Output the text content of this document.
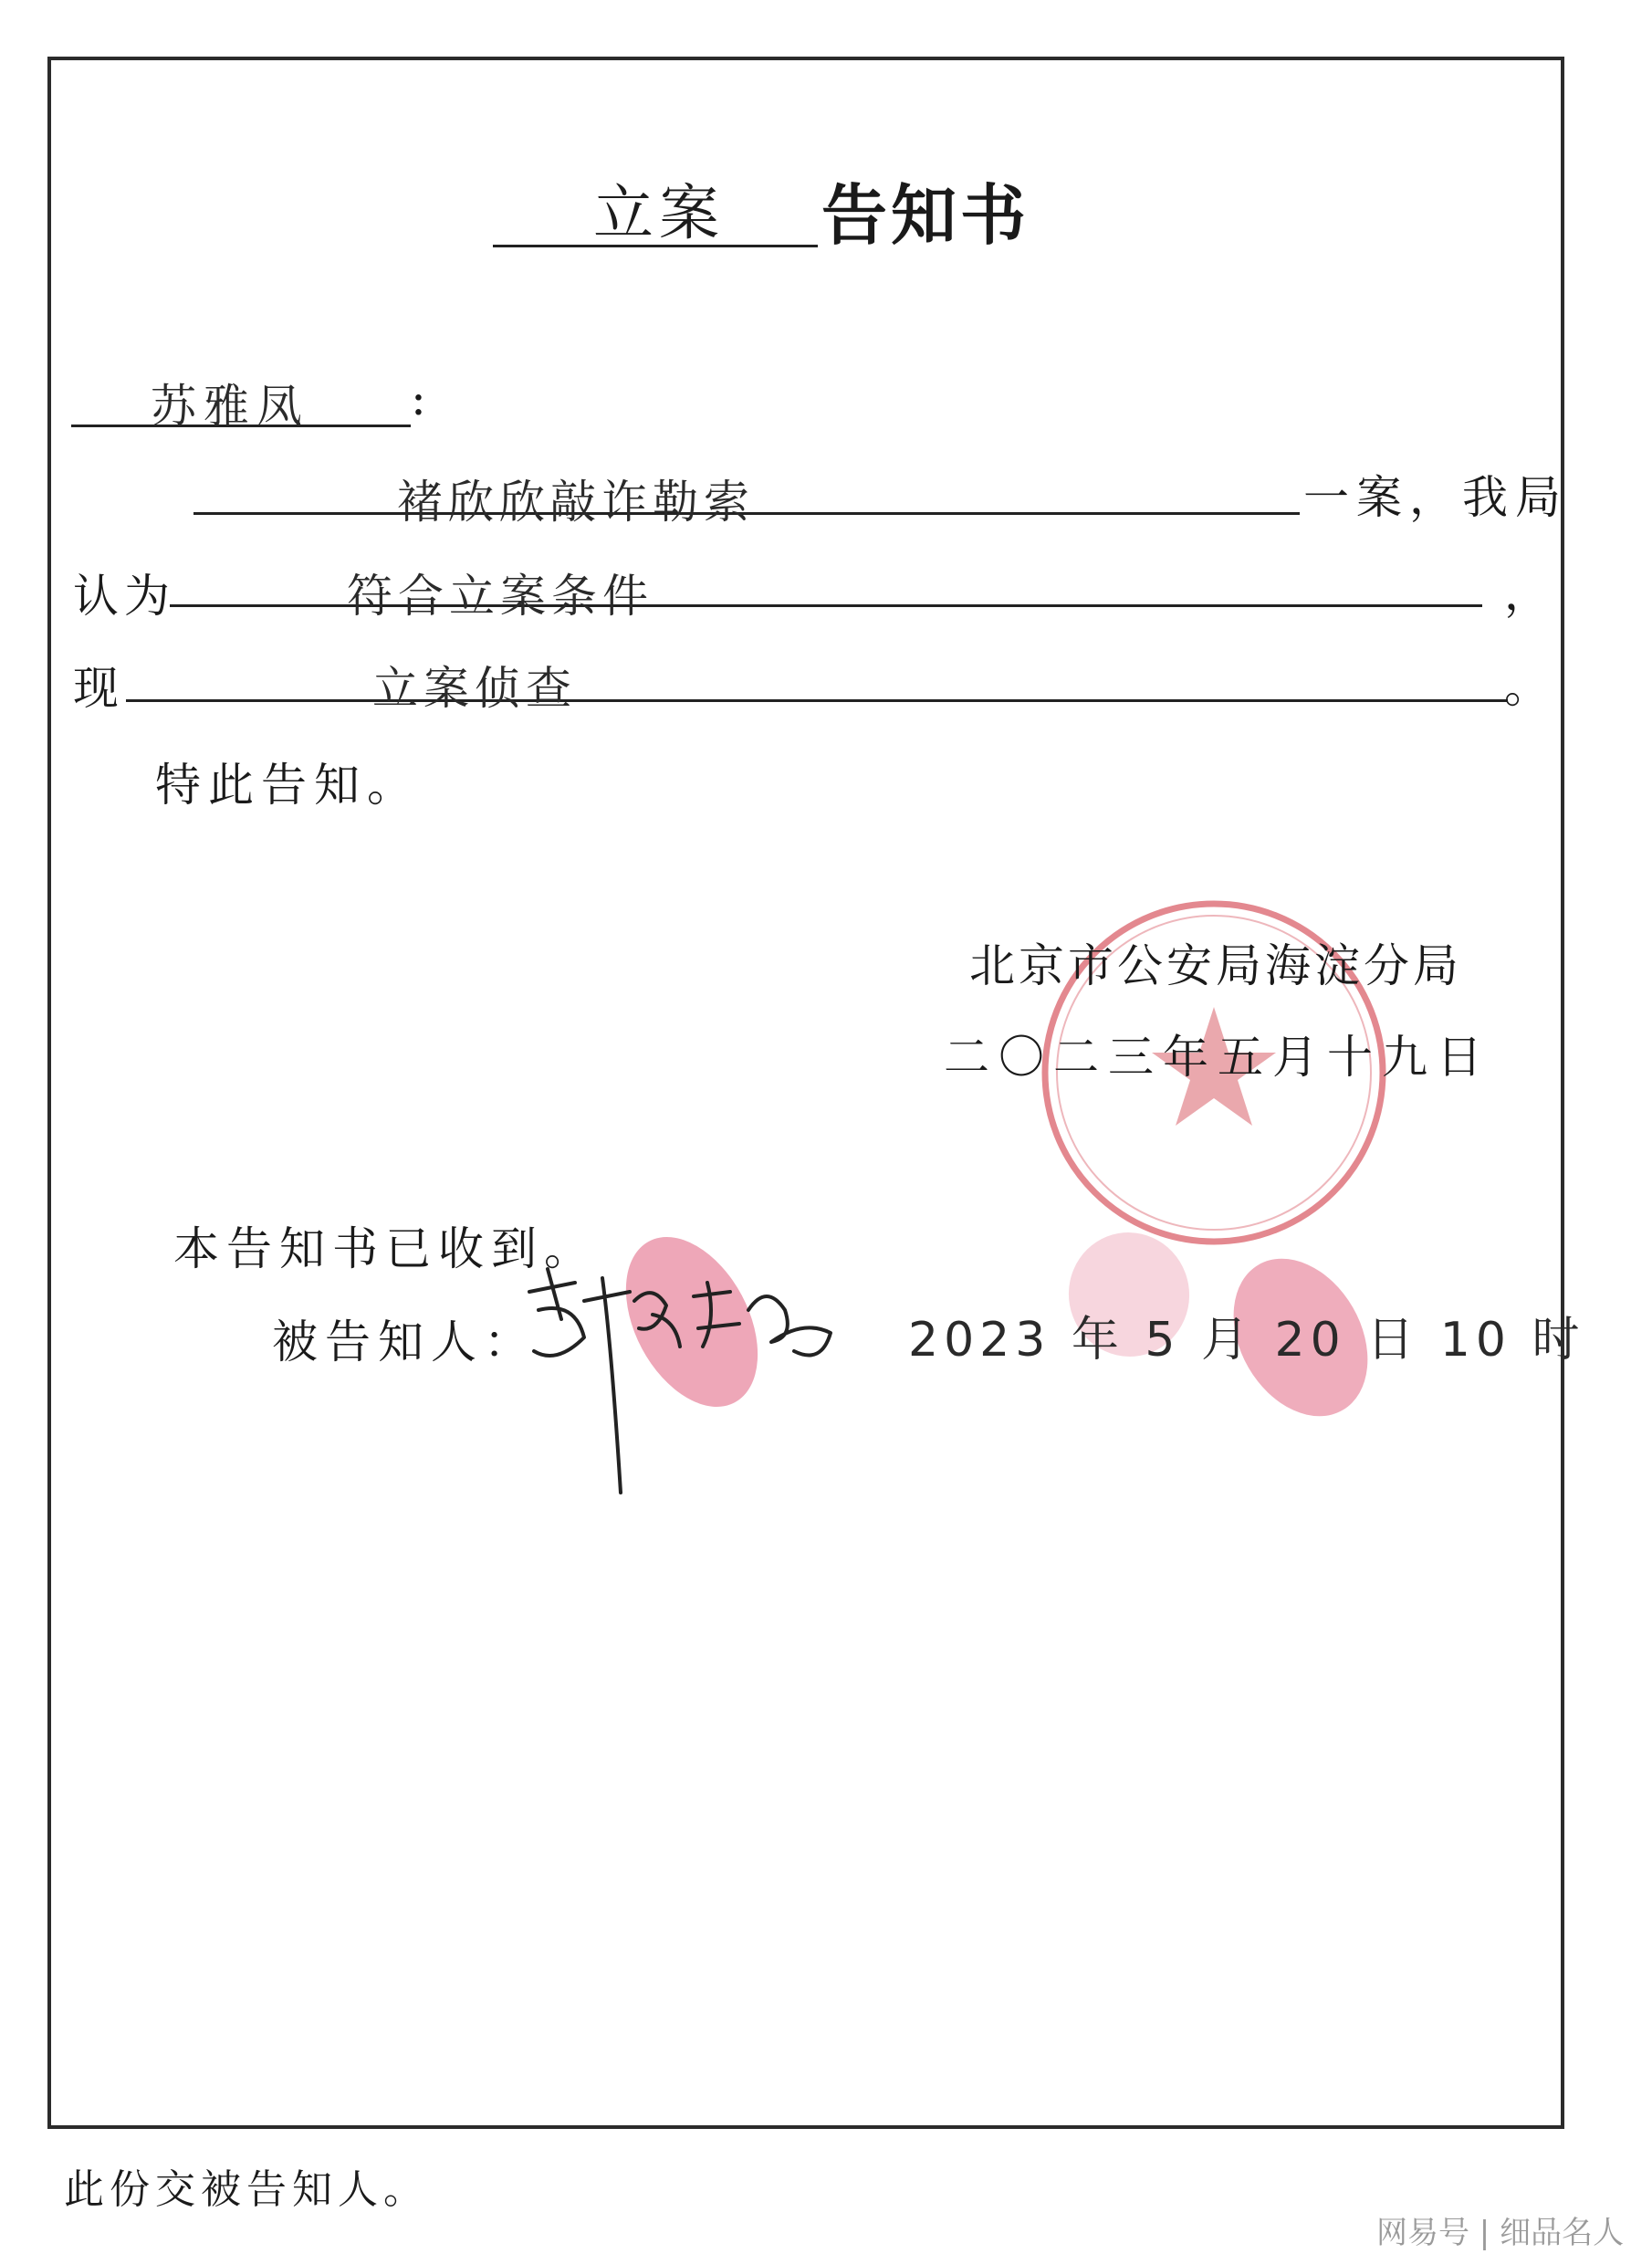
立案 告知书
苏雅凤 :
褚欣欣敲诈勒索	一案，我局
认为	符合立案条件	，
现	立案侦查	。
特此告知。
北京市公安局海淀分局
二〇二三年五月十九日
本告知书已收到。
被告知人：	2023 年 5 月 20 日 10 时
此份交被告知人。
网易号 | 细品名人
